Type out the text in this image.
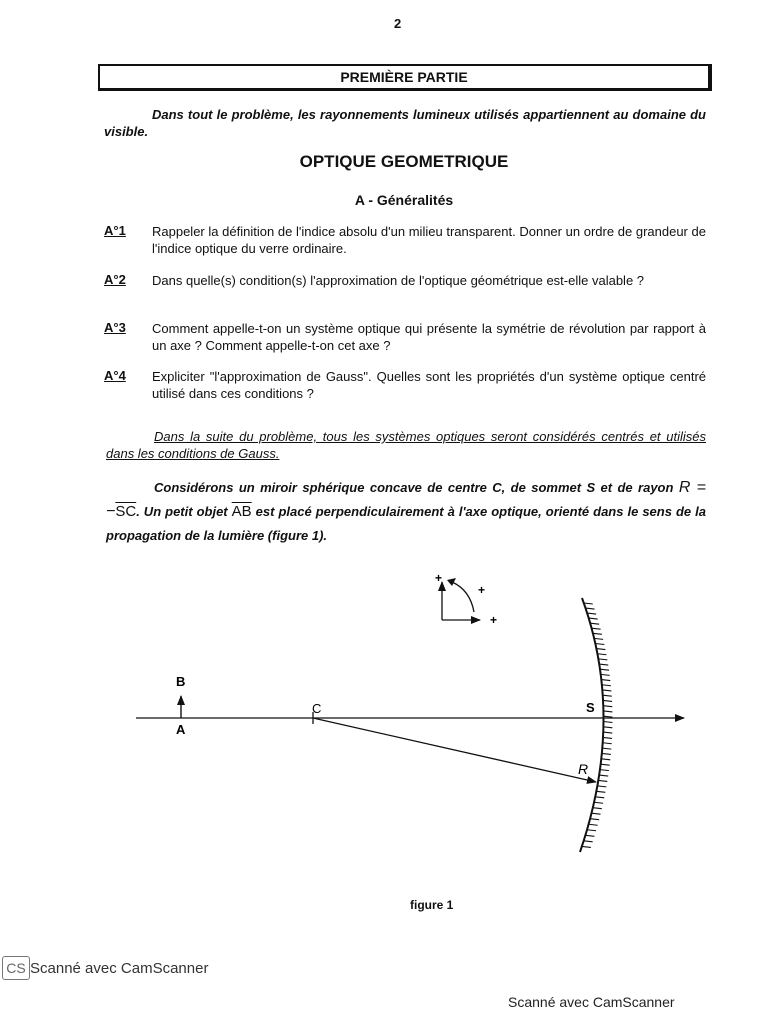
2
PREMIÈRE PARTIE
Dans tout le problème, les rayonnements lumineux utilisés appartiennent au domaine du visible.
OPTIQUE GEOMETRIQUE
A - Généralités
A°1 Rappeler la définition de l'indice absolu d'un milieu transparent. Donner un ordre de grandeur de l'indice optique du verre ordinaire.
A°2 Dans quelle(s) condition(s) l'approximation de l'optique géométrique est-elle valable ?
A°3 Comment appelle-t-on un système optique qui présente la symétrie de révolution par rapport à un axe ? Comment appelle-t-on cet axe ?
A°4 Expliciter "l'approximation de Gauss". Quelles sont les propriétés d'un système optique centré utilisé dans ces conditions ?
Dans la suite du problème, tous les systèmes optiques seront considérés centrés et utilisés dans les conditions de Gauss.
Considérons un miroir sphérique concave de centre C, de sommet S et de rayon $R = -\overline{SC}$. Un petit objet $\overline{AB}$ est placé perpendiculairement à l'axe optique, orienté dans le sens de la propagation de la lumière (figure 1).
B
A
C
R
S
+
+
+
figure 1
CS Scanné avec CamScanner
Scanné avec CamScanner
